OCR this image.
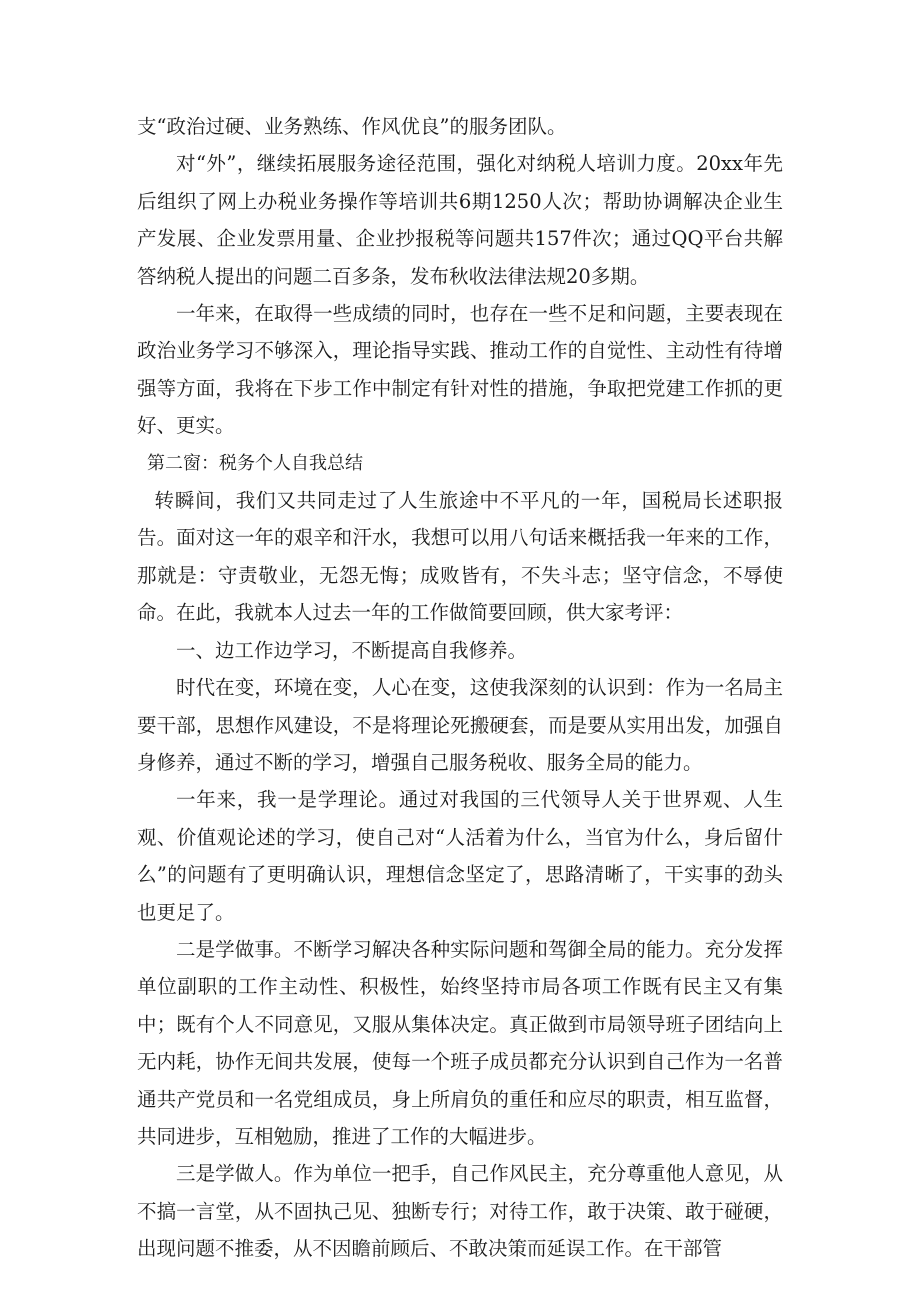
支“政治过硬、业务熟练、作风优良”的服务团队。

对“外”，继续拓展服务途径范围，强化对纳税人培训力度。20xx年先后组织了网上办税业务操作等培训共6期1250人次；帮助协调解决企业生产发展、企业发票用量、企业抄报税等问题共157件次；通过QQ平台共解答纳税人提出的问题二百多条，发布秋收法律法规20多期。

一年来，在取得一些成绩的同时，也存在一些不足和问题，主要表现在政治业务学习不够深入，理论指导实践、推动工作的自觉性、主动性有待增强等方面，我将在下步工作中制定有针对性的措施，争取把党建工作抓的更好、更实。

第二窗：税务个人自我总结

转瞬间，我们又共同走过了人生旅途中不平凡的一年，国税局长述职报告。面对这一年的艰辛和汗水，我想可以用八句话来概括我一年来的工作，那就是：守责敬业，无怨无悔；成败皆有，不失斗志；坚守信念，不辱使命。在此，我就本人过去一年的工作做简要回顾，供大家考评：

一、边工作边学习，不断提高自我修养。

时代在变，环境在变，人心在变，这使我深刻的认识到：作为一名局主要干部，思想作风建设，不是将理论死搬硬套，而是要从实用出发，加强自身修养，通过不断的学习，增强自己服务税收、服务全局的能力。

一年来，我一是学理论。通过对我国的三代领导人关于世界观、人生观、价值观论述的学习，使自己对“人活着为什么，当官为什么，身后留什么”的问题有了更明确认识，理想信念坚定了，思路清晰了，干实事的劲头也更足了。

二是学做事。不断学习解决各种实际问题和驾御全局的能力。充分发挥单位副职的工作主动性、积极性，始终坚持市局各项工作既有民主又有集中；既有个人不同意见，又服从集体决定。真正做到市局领导班子团结向上无内耗，协作无间共发展，使每一个班子成员都充分认识到自己作为一名普通共产党员和一名党组成员，身上所肩负的重任和应尽的职责，相互监督，共同进步，互相勉励，推进了工作的大幅进步。

三是学做人。作为单位一把手，自己作风民主，充分尊重他人意见，从不搞一言堂，从不固执己见、独断专行；对待工作，敢于决策、敢于碰硬，出现问题不推委，从不因瞻前顾后、不敢决策而延误工作。在干部管
